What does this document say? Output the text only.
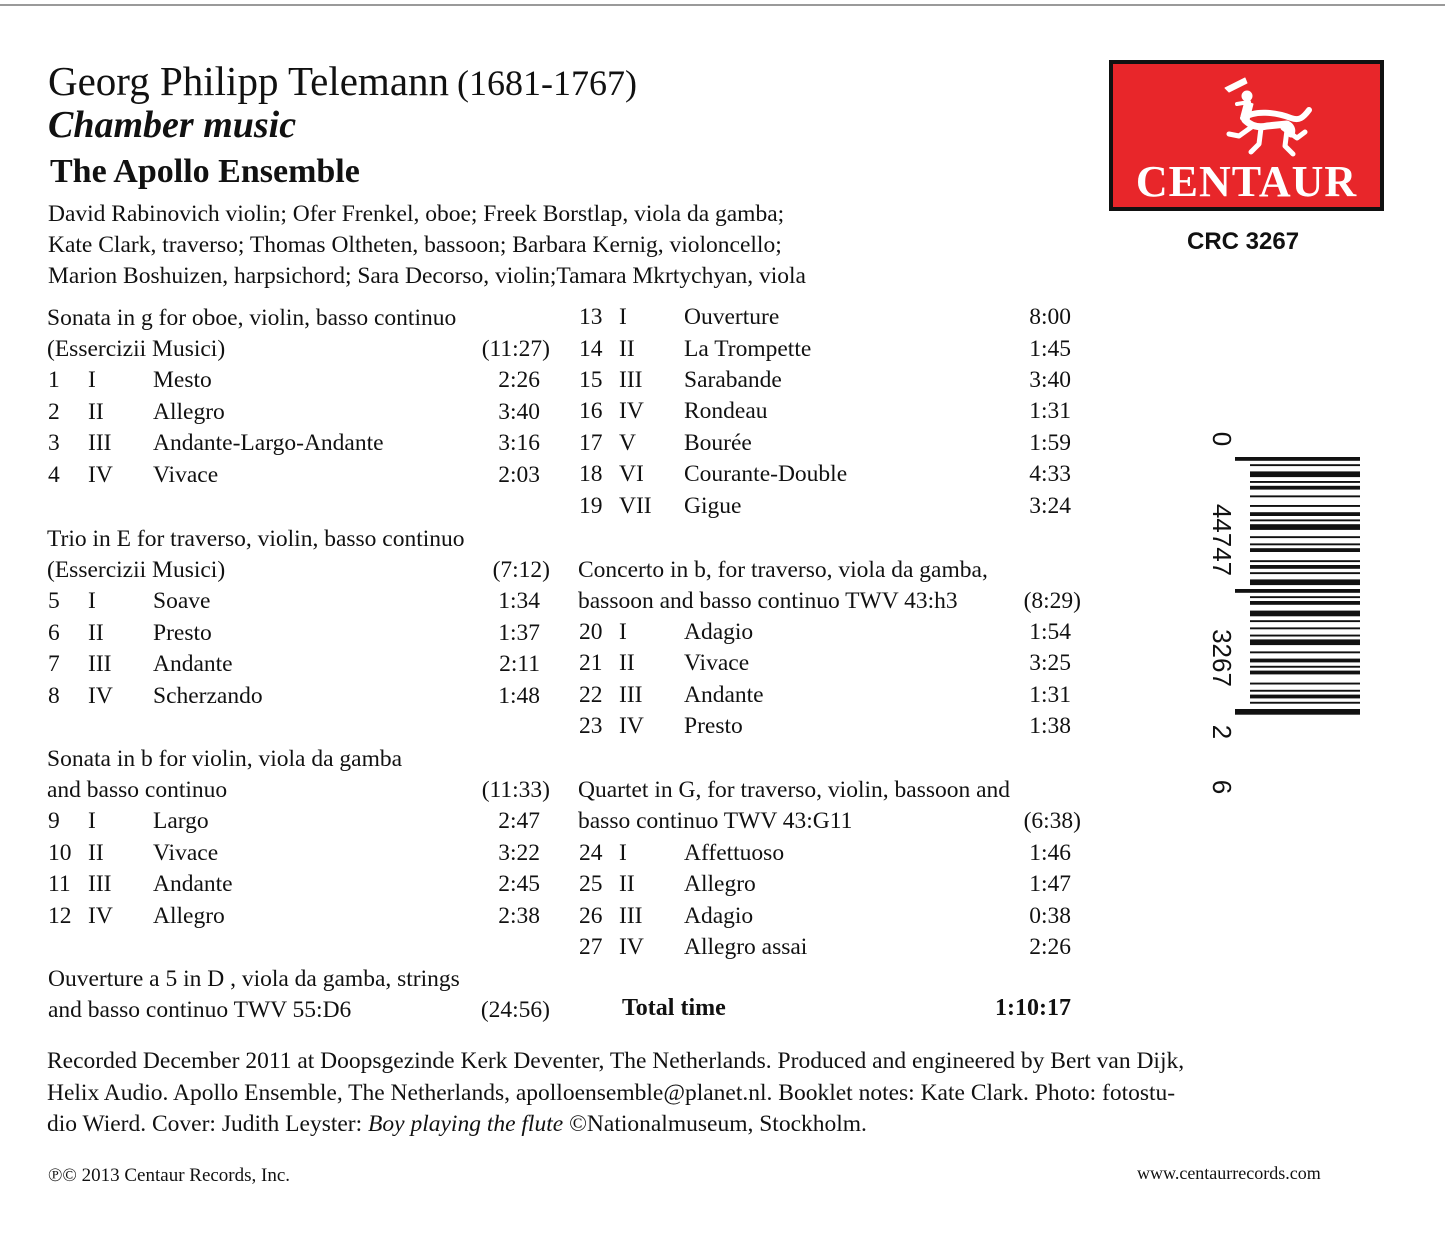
Georg Philipp Telemann (1681-1767)
Chamber music
The Apollo Ensemble
David Rabinovich violin; Ofer Frenkel, oboe; Freek Borstlap, viola da gamba;
Kate Clark, traverso; Thomas Oltheten, bassoon; Barbara Kernig, violoncello;
Marion Boshuizen, harpsichord; Sara Decorso, violin;Tamara Mkrtychyan, viola
CENTAUR
CRC 3267
Sonata in g for oboe, violin, basso continuo
(Essercizii Musici)	(11:27)
1 I Mesto	2:26
2 II Allegro	3:40
3 III Andante-Largo-Andante	3:16
4 IV Vivace	2:03
Trio in E for traverso, violin, basso continuo
(Essercizii Musici)	(7:12)
5 I Soave	1:34
6 II Presto	1:37
7 III Andante	2:11
8 IV Scherzando	1:48
Sonata in b for violin, viola da gamba
and basso continuo	(11:33)
9 I Largo	2:47
10 II Vivace	3:22
11 III Andante	2:45
12 IV Allegro	2:38
Ouverture a 5 in D , viola da gamba, strings
and basso continuo TWV 55:D6	(24:56)
13 I Ouverture	8:00
14 II La Trompette	1:45
15 III Sarabande	3:40
16 IV Rondeau	1:31
17 V Bourée	1:59
18 VI Courante-Double	4:33
19 VII Gigue	3:24
Concerto in b, for traverso, viola da gamba,
bassoon and basso continuo TWV 43:h3	(8:29)
20 I Adagio	1:54
21 II Vivace	3:25
22 III Andante	1:31
23 IV Presto	1:38
Quartet in G, for traverso, violin, bassoon and
basso continuo TWV 43:G11	(6:38)
24 I Affettuoso	1:46
25 II Allegro	1:47
26 III Adagio	0:38
27 IV Allegro assai	2:26
Total time	1:10:17
0
44747
3267
2
6
Recorded December 2011 at Doopsgezinde Kerk Deventer, The Netherlands. Produced and engineered by Bert van Dijk,
Helix Audio. Apollo Ensemble, The Netherlands, apolloensemble@planet.nl. Booklet notes: Kate Clark. Photo: fotostu-
dio Wierd. Cover: Judith Leyster: Boy playing the flute ©Nationalmuseum, Stockholm.
℗© 2013 Centaur Records, Inc.	www.centaurrecords.com
